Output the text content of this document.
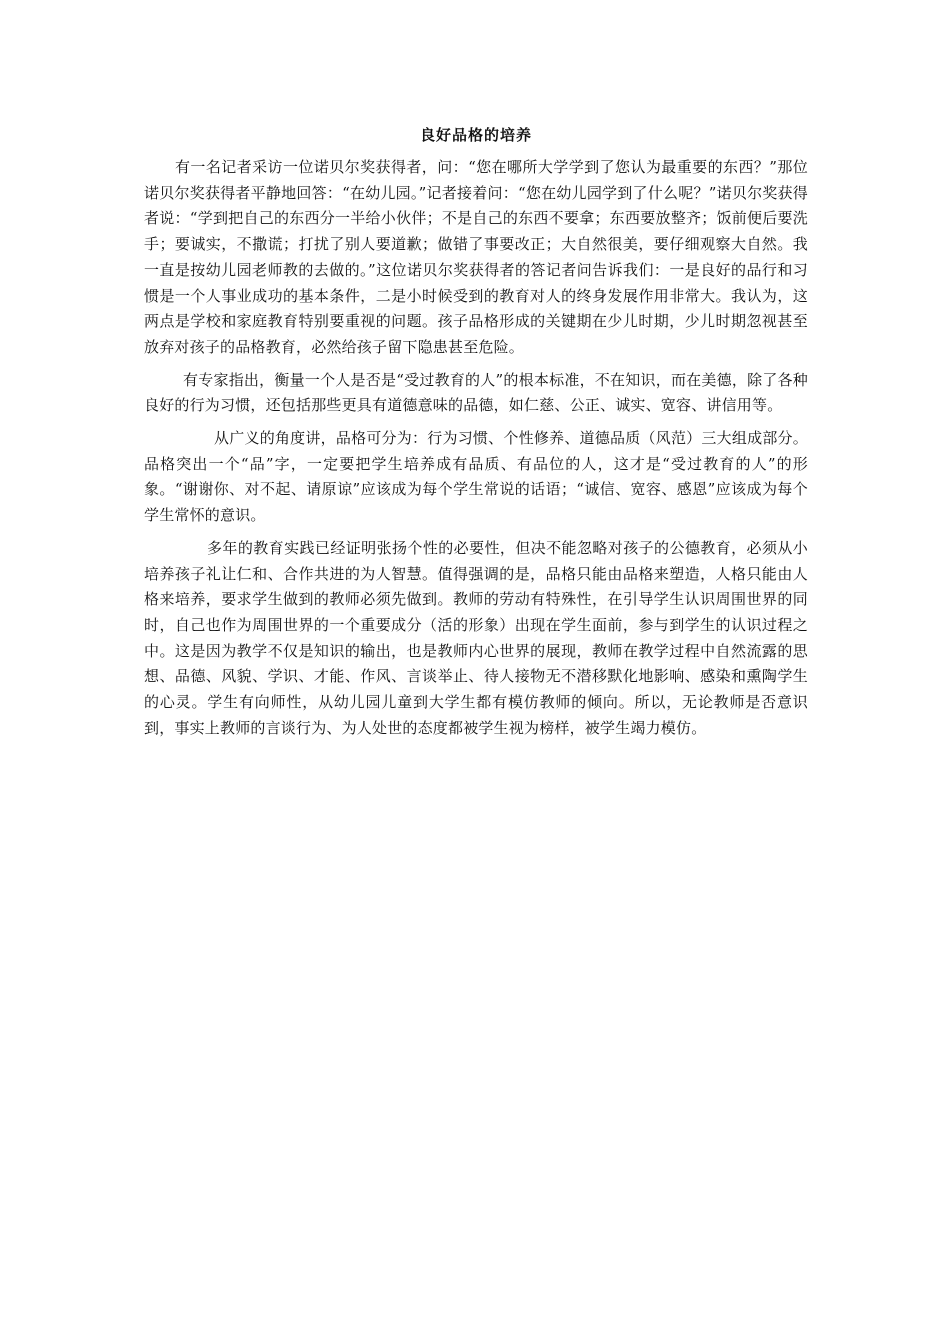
良好品格的培养

有一名记者采访一位诺贝尔奖获得者，问：“您在哪所大学学到了您认为最重要的东西？”那位诺贝尔奖获得者平静地回答：“在幼儿园。”记者接着问：“您在幼儿园学到了什么呢？”诺贝尔奖获得者说：“学到把自己的东西分一半给小伙伴；不是自己的东西不要拿；东西要放整齐；饭前便后要洗手；要诚实，不撒谎；打扰了别人要道歉；做错了事要改正；大自然很美，要仔细观察大自然。我一直是按幼儿园老师教的去做的。”这位诺贝尔奖获得者的答记者问告诉我们：一是良好的品行和习惯是一个人事业成功的基本条件，二是小时候受到的教育对人的终身发展作用非常大。我认为，这两点是学校和家庭教育特别要重视的问题。孩子品格形成的关键期在少儿时期，少儿时期忽视甚至放弃对孩子的品格教育，必然给孩子留下隐患甚至危险。

有专家指出，衡量一个人是否是“受过教育的人”的根本标准，不在知识，而在美德，除了各种良好的行为习惯，还包括那些更具有道德意味的品德，如仁慈、公正、诚实、宽容、讲信用等。

从广义的角度讲，品格可分为：行为习惯、个性修养、道德品质（风范）三大组成部分。品格突出一个“品”字，一定要把学生培养成有品质、有品位的人，这才是“受过教育的人”的形象。“谢谢你、对不起、请原谅”应该成为每个学生常说的话语；“诚信、宽容、感恩”应该成为每个学生常怀的意识。

多年的教育实践已经证明张扬个性的必要性，但决不能忽略对孩子的公德教育，必须从小培养孩子礼让仁和、合作共进的为人智慧。值得强调的是，品格只能由品格来塑造，人格只能由人格来培养，要求学生做到的教师必须先做到。教师的劳动有特殊性，在引导学生认识周围世界的同时，自己也作为周围世界的一个重要成分（活的形象）出现在学生面前，参与到学生的认识过程之中。这是因为教学不仅是知识的输出，也是教师内心世界的展现，教师在教学过程中自然流露的思想、品德、风貌、学识、才能、作风、言谈举止、待人接物无不潜移默化地影响、感染和熏陶学生的心灵。学生有向师性，从幼儿园儿童到大学生都有模仿教师的倾向。所以，无论教师是否意识到，事实上教师的言谈行为、为人处世的态度都被学生视为榜样，被学生竭力模仿。
